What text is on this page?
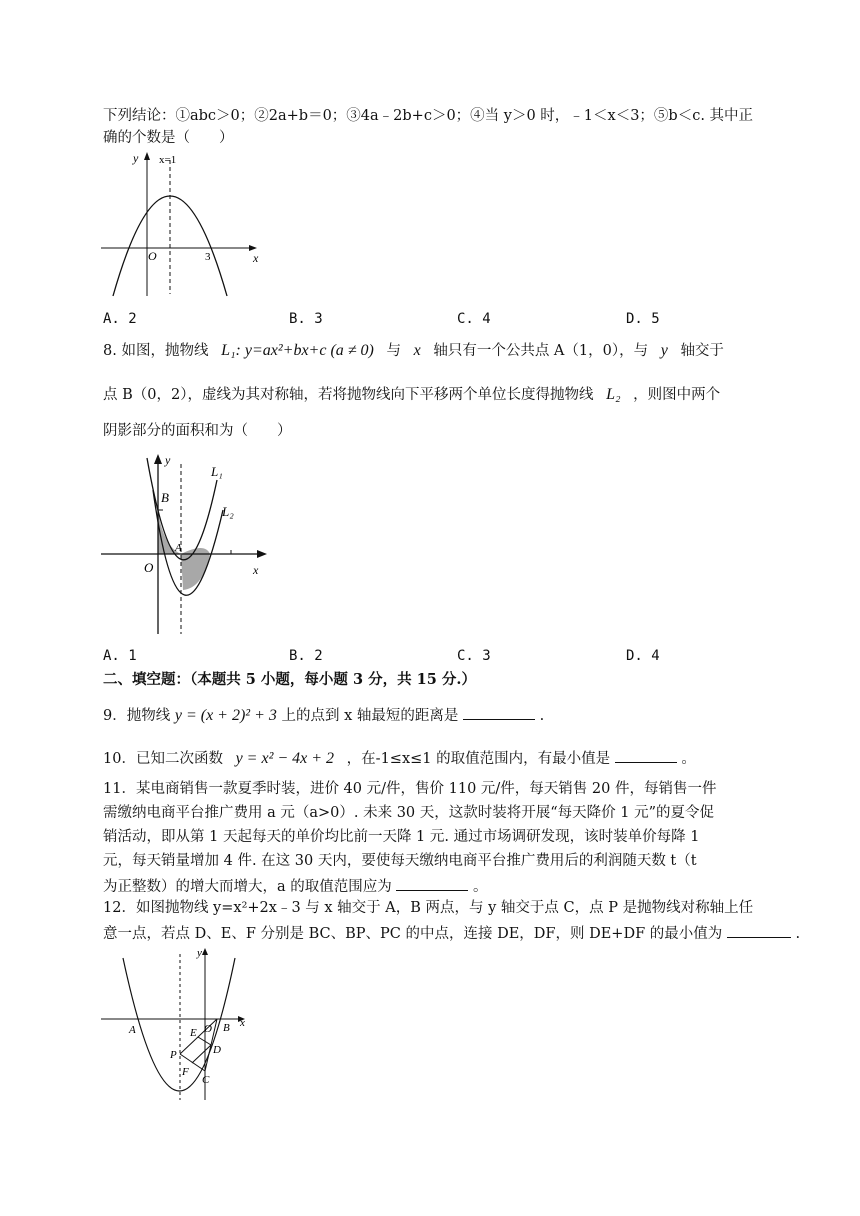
下列结论：①abc＞0；②2a+b＝0；③4a﹣2b+c＞0；④当 y＞0 时，﹣1＜x＜3；⑤b＜c. 其中正
确的个数是（　　）
y x=1
O	3	x
A. 2	B. 3	C. 4	D. 5
8. 如图，抛物线 L₁: y=ax²+bx+c (a ≠ 0) 与 x 轴只有一个公共点 A（1，0），与 y 轴交于
点 B（0，2），虚线为其对称轴，若将抛物线向下平移两个单位长度得抛物线 L₂ ，则图中两个
阴影部分的面积和为（　　）
y
L₁
L₂
B
A
O	x
A. 1	B. 2	C. 3	D. 4
二、填空题：（本题共 5 小题，每小题 3 分，共 15 分.）
9．抛物线 y = (x + 2)² + 3 上的点到 x 轴最短的距离是	.
10．已知二次函数 y = x² − 4x + 2 ，在-1≤x≤1 的取值范围内，有最小值是	。
11．某电商销售一款夏季时装，进价 40 元/件，售价 110 元/件，每天销售 20 件，每销售一件
需缴纳电商平台推广费用 a 元（a>0）. 未来 30 天，这款时装将开展“每天降价 1 元”的夏令促
销活动，即从第 1 天起每天的单价均比前一天降 1 元. 通过市场调研发现，该时装单价每降 1
元，每天销量增加 4 件. 在这 30 天内，要使每天缴纳电商平台推广费用后的利润随天数 t（t
为正整数）的增大而增大，a 的取值范围应为	。
12．如图抛物线 y=x²+2x﹣3 与 x 轴交于 A，B 两点，与 y 轴交于点 C，点 P 是抛物线对称轴上任
意一点，若点 D、E、F 分别是 BC、BP、PC 的中点，连接 DE，DF，则 DE+DF 的最小值为	.
y
x
A	B
O
E
D
P
F
C
